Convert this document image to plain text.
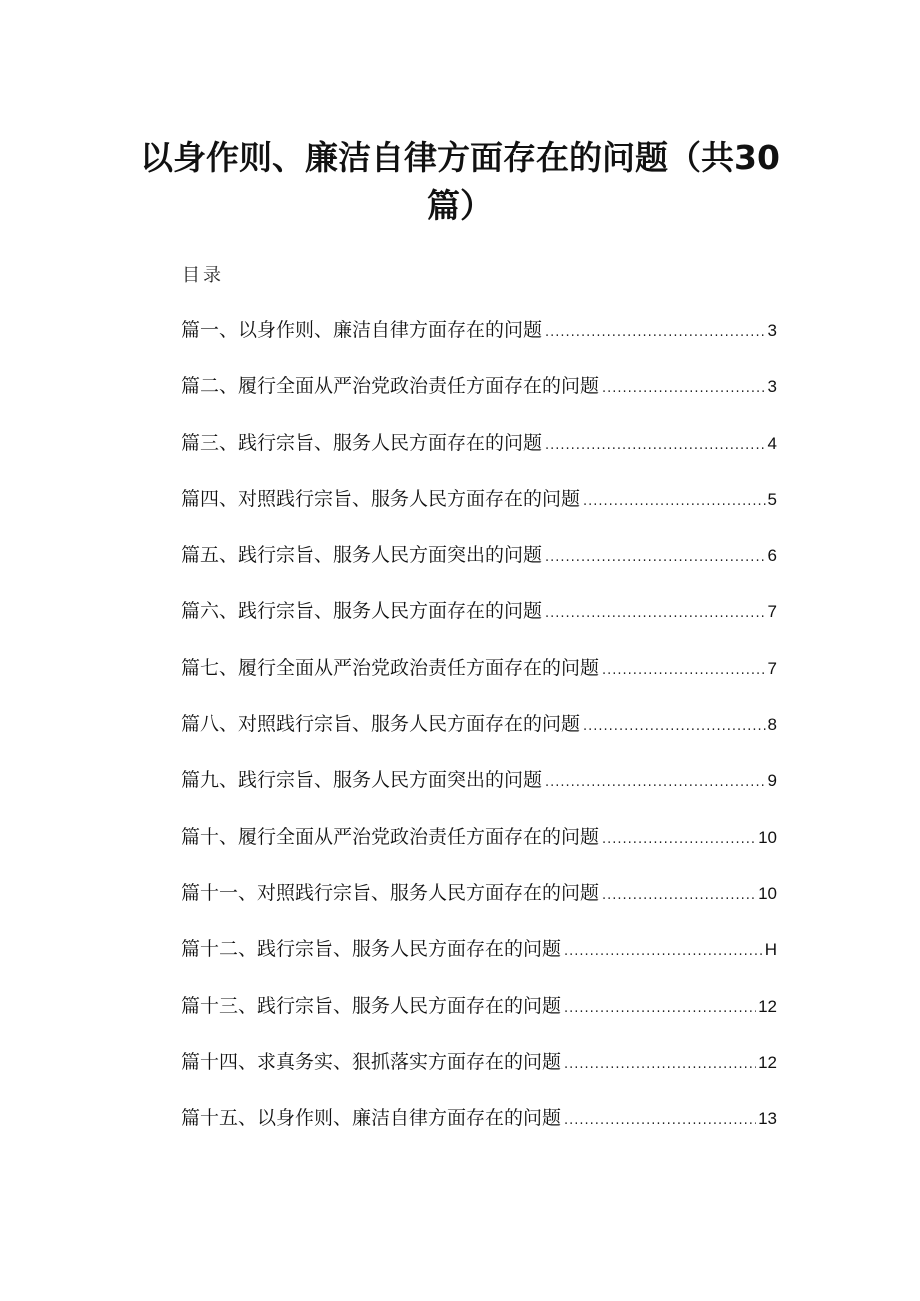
以身作则、廉洁自律方面存在的问题（共30篇）
目录
篇一、以身作则、廉洁自律方面存在的问题 .....	3
篇二、履行全面从严治党政治责任方面存在的问题 .....	3
篇三、践行宗旨、服务人民方面存在的问题 .....	4
篇四、对照践行宗旨、服务人民方面存在的问题 .....	5
篇五、践行宗旨、服务人民方面突出的问题 .....	6
篇六、践行宗旨、服务人民方面存在的问题 .....	7
篇七、履行全面从严治党政治责任方面存在的问题 .....	7
篇八、对照践行宗旨、服务人民方面存在的问题 .....	8
篇九、践行宗旨、服务人民方面突出的问题 .....	9
篇十、履行全面从严治党政治责任方面存在的问题 .....	10
篇十一、对照践行宗旨、服务人民方面存在的问题 .....	10
篇十二、践行宗旨、服务人民方面存在的问题 .....	H
篇十三、践行宗旨、服务人民方面存在的问题 .....	12
篇十四、求真务实、狠抓落实方面存在的问题 .....	12
篇十五、以身作则、廉洁自律方面存在的问题 .....	13
